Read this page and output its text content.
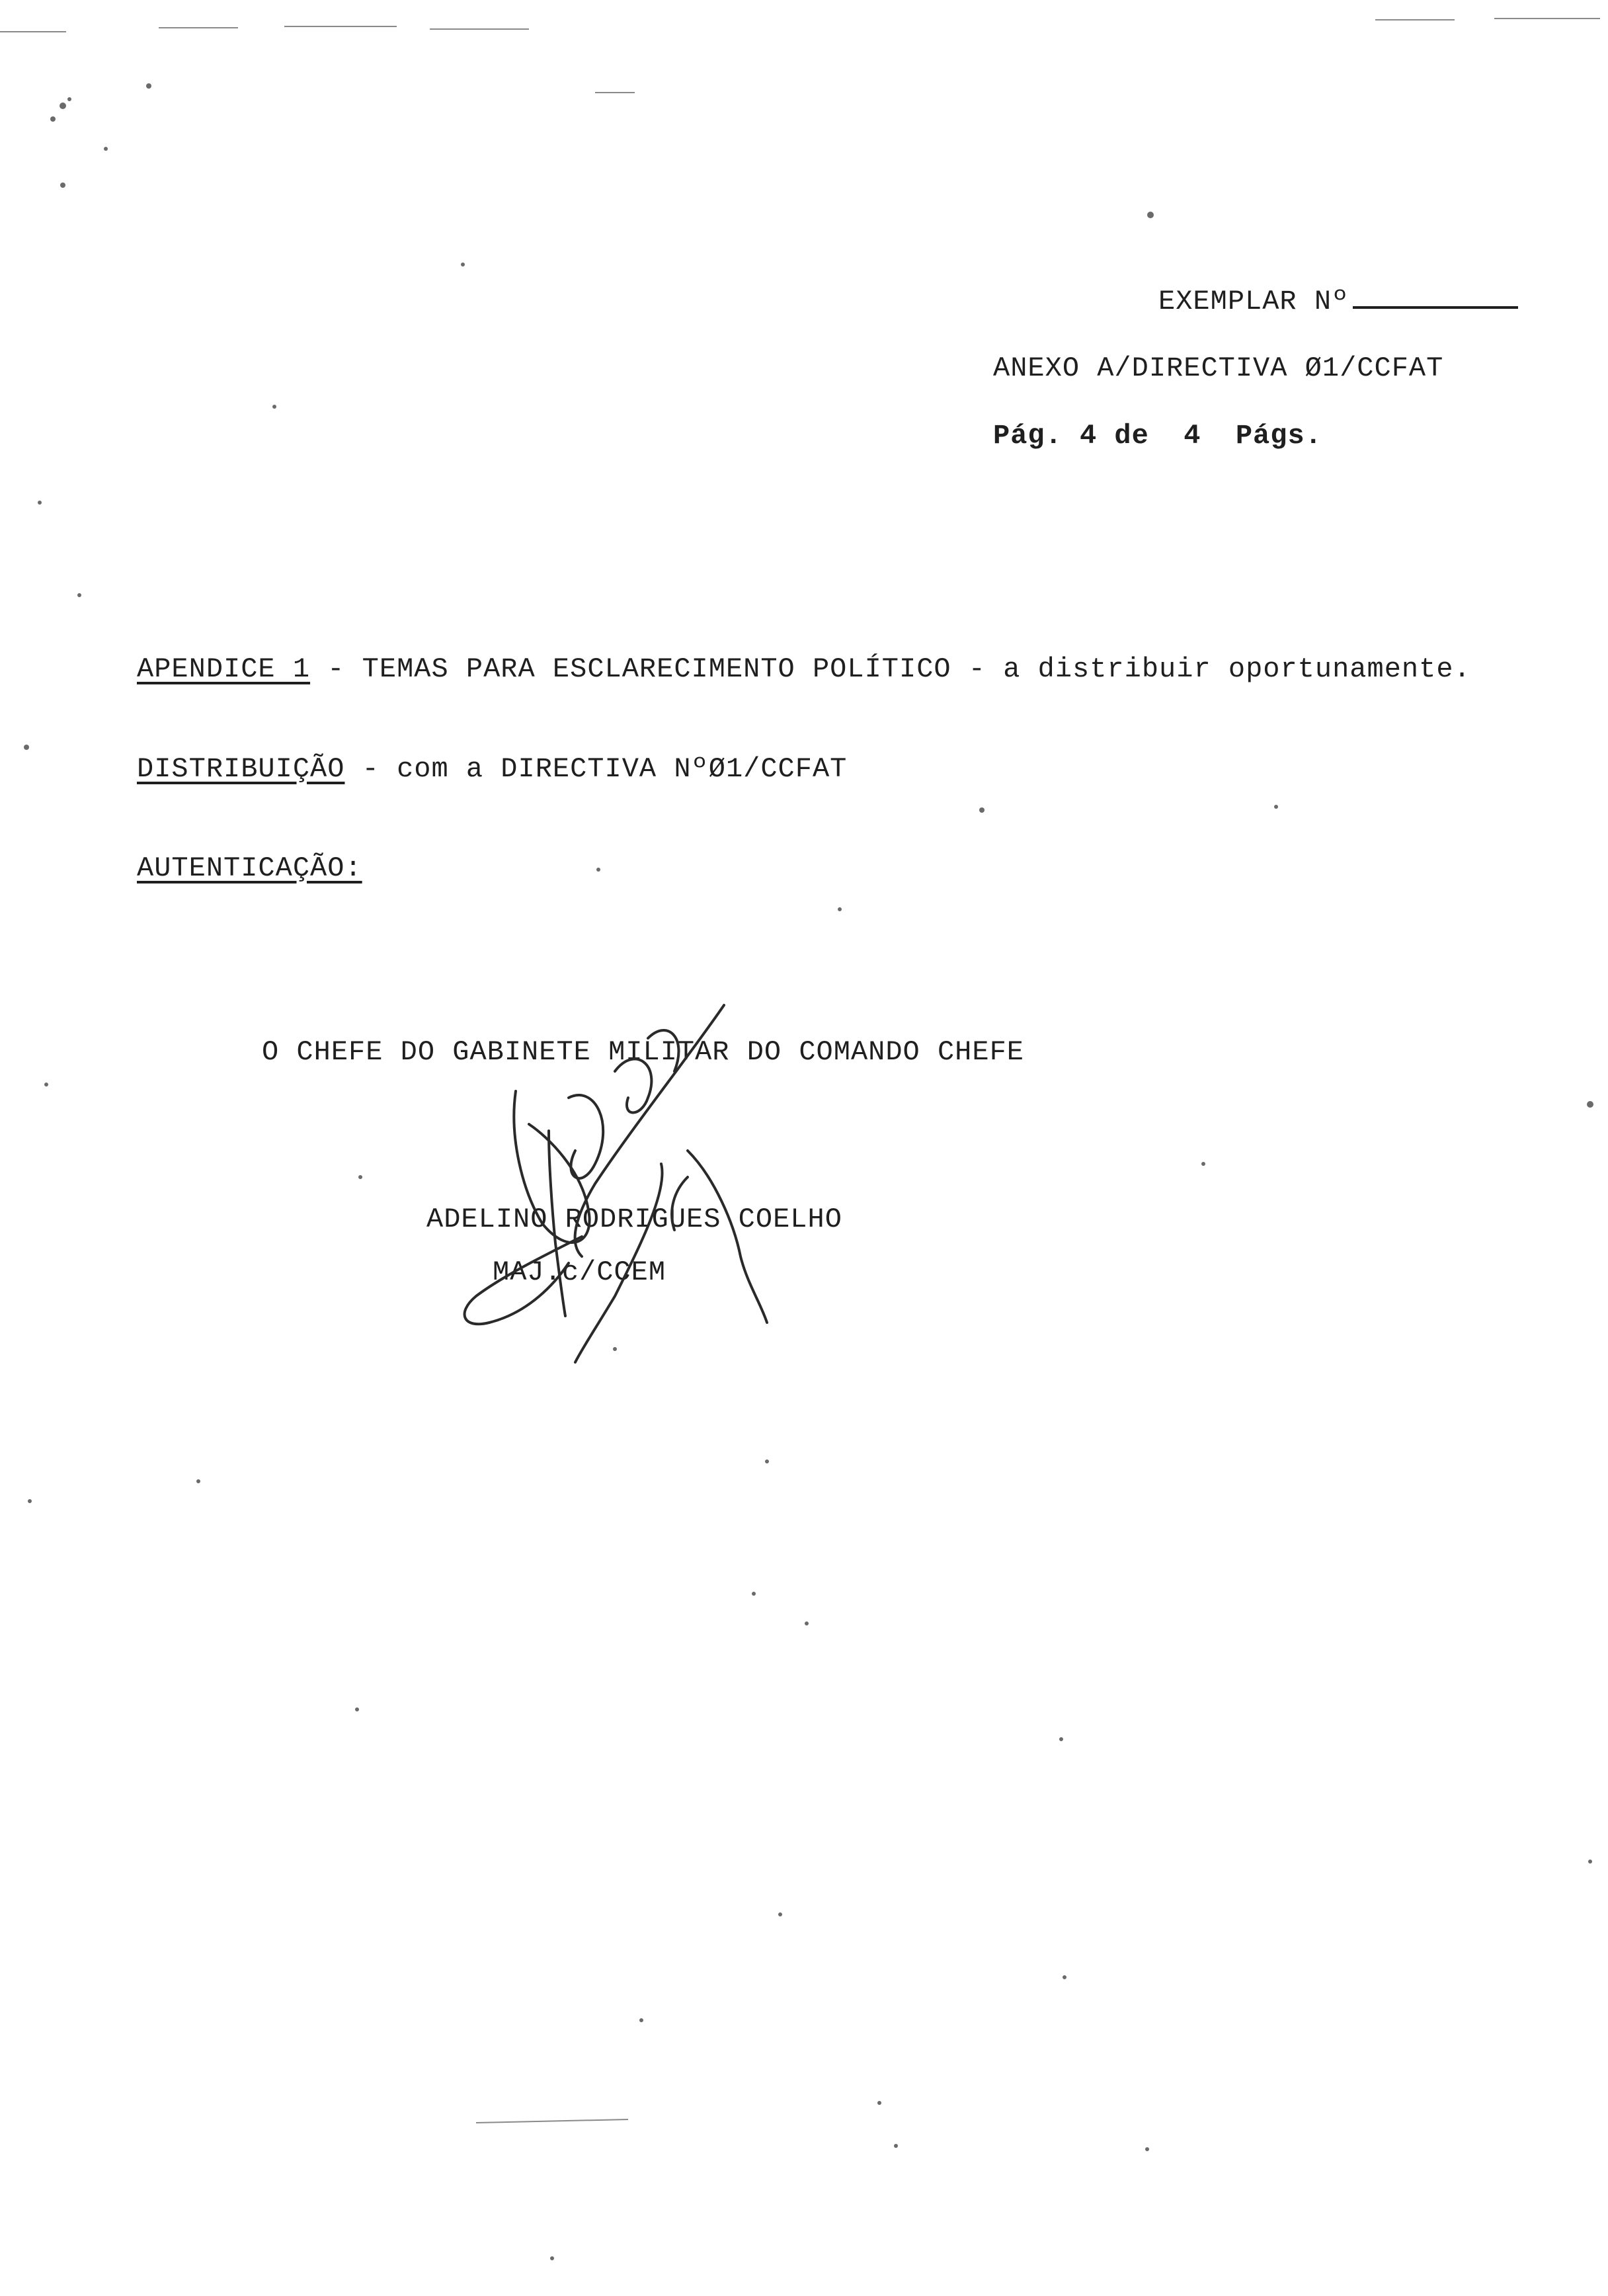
EXEMPLAR Nº
ANEXO A/DIRECTIVA Ø1/CCFAT
Pág. 4 de  4  Págs.
APENDICE 1 - TEMAS PARA ESCLARECIMENTO POLÍTICO - a distribuir oportunamente.
DISTRIBUIÇÃO - com a DIRECTIVA NºØ1/CCFAT
AUTENTICAÇÃO:
O CHEFE DO GABINETE MILITAR DO COMANDO CHEFE
ADELINO RODRIGUES COELHO
MAJ.c/CCEM
